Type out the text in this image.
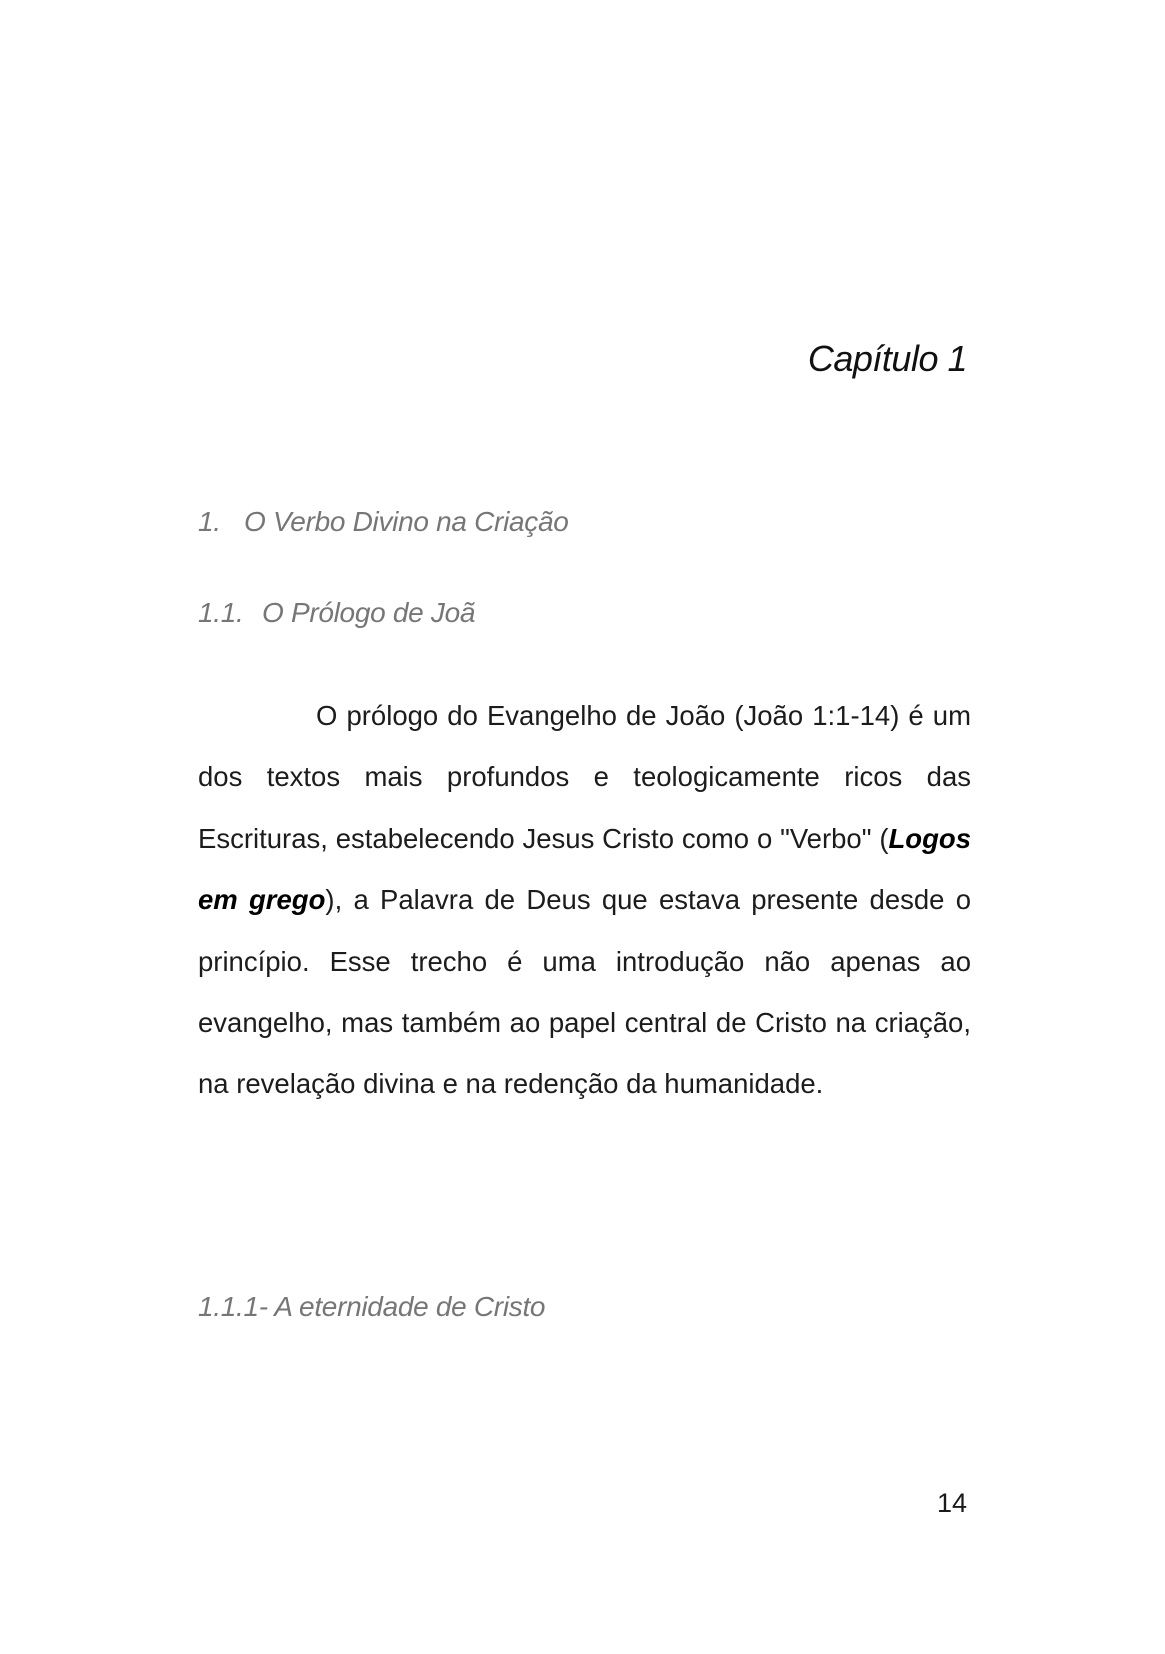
Capítulo 1
1. O Verbo Divino na Criação
1.1. O Prólogo de Joã

O prólogo do Evangelho de João (João 1:1-14) é um dos textos mais profundos e teologicamente ricos das Escrituras, estabelecendo Jesus Cristo como o "Verbo" (Logos em grego), a Palavra de Deus que estava presente desde o princípio. Esse trecho é uma introdução não apenas ao evangelho, mas também ao papel central de Cristo na criação, na revelação divina e na redenção da humanidade.

1.1.1- A eternidade de Cristo
14
